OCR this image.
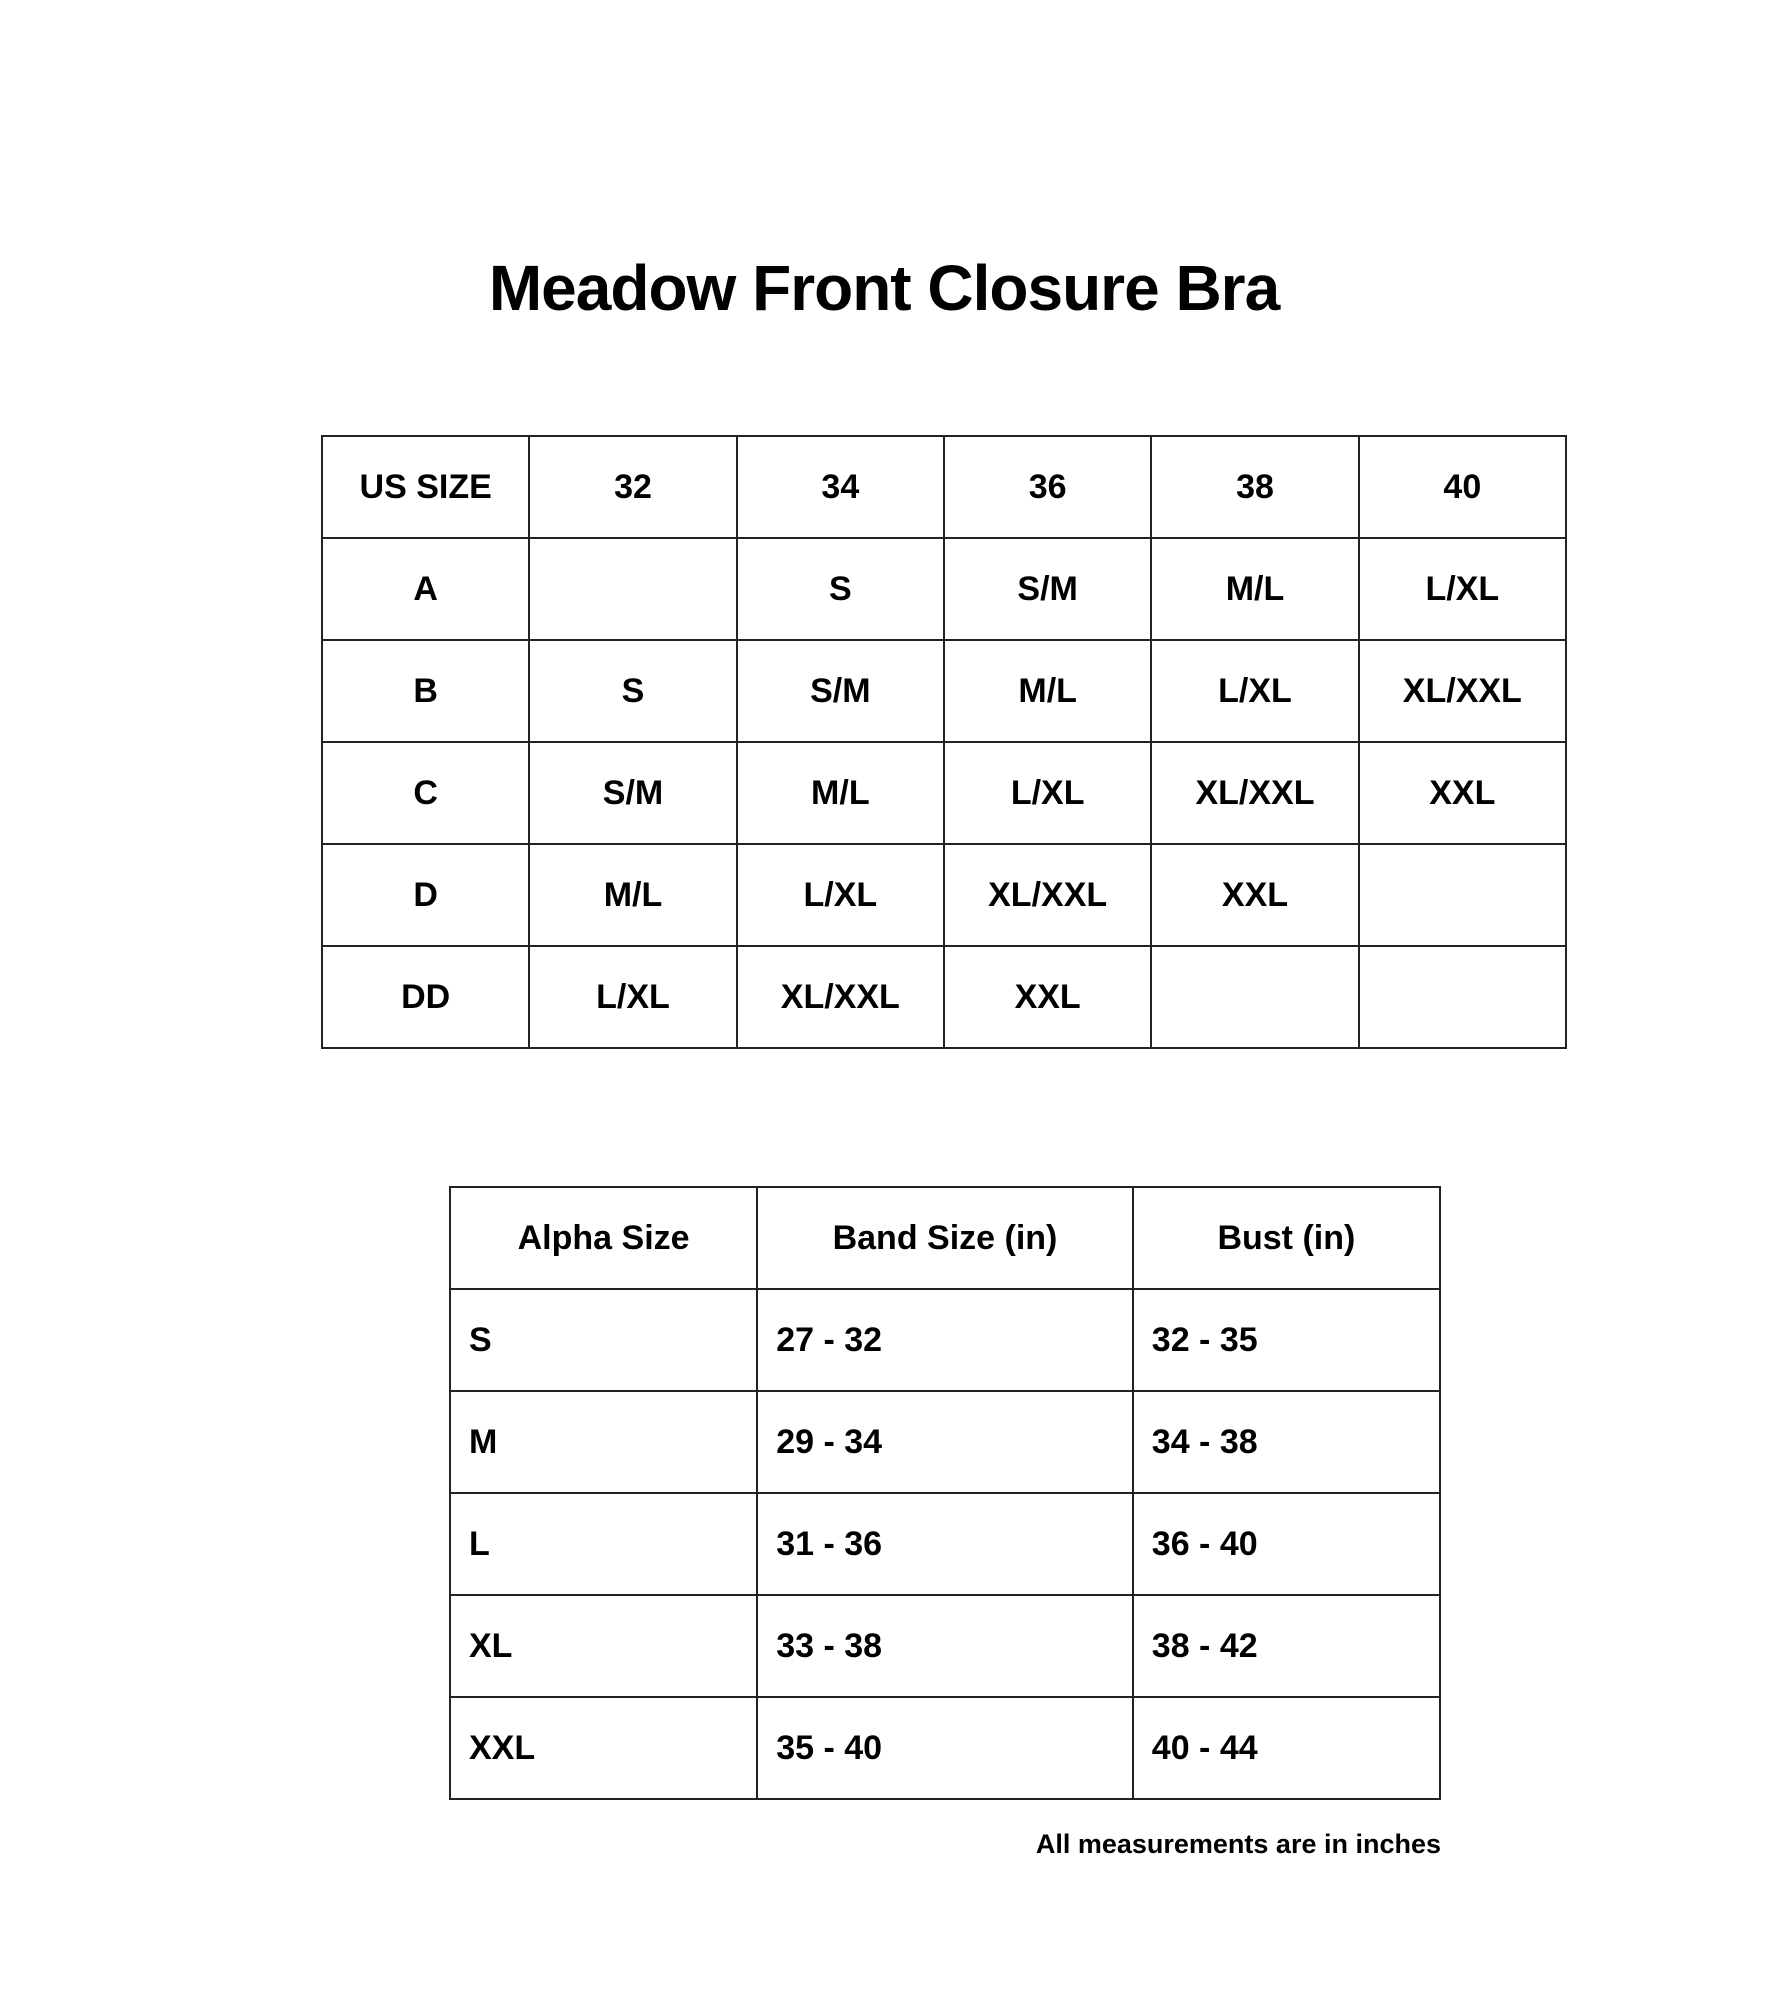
Meadow Front Closure Bra
US SIZE	32	34	36	38	40
A		S	S/M	M/L	L/XL
B	S	S/M	M/L	L/XL	XL/XXL
C	S/M	M/L	L/XL	XL/XXL	XXL
D	M/L	L/XL	XL/XXL	XXL	
DD	L/XL	XL/XXL	XXL		
Alpha Size	Band Size (in)	Bust (in)
S	27 - 32	32 - 35
M	29 - 34	34 - 38
L	31 - 36	36 - 40
XL	33 - 38	38 - 42
XXL	35 - 40	40 - 44
All measurements are in inches
